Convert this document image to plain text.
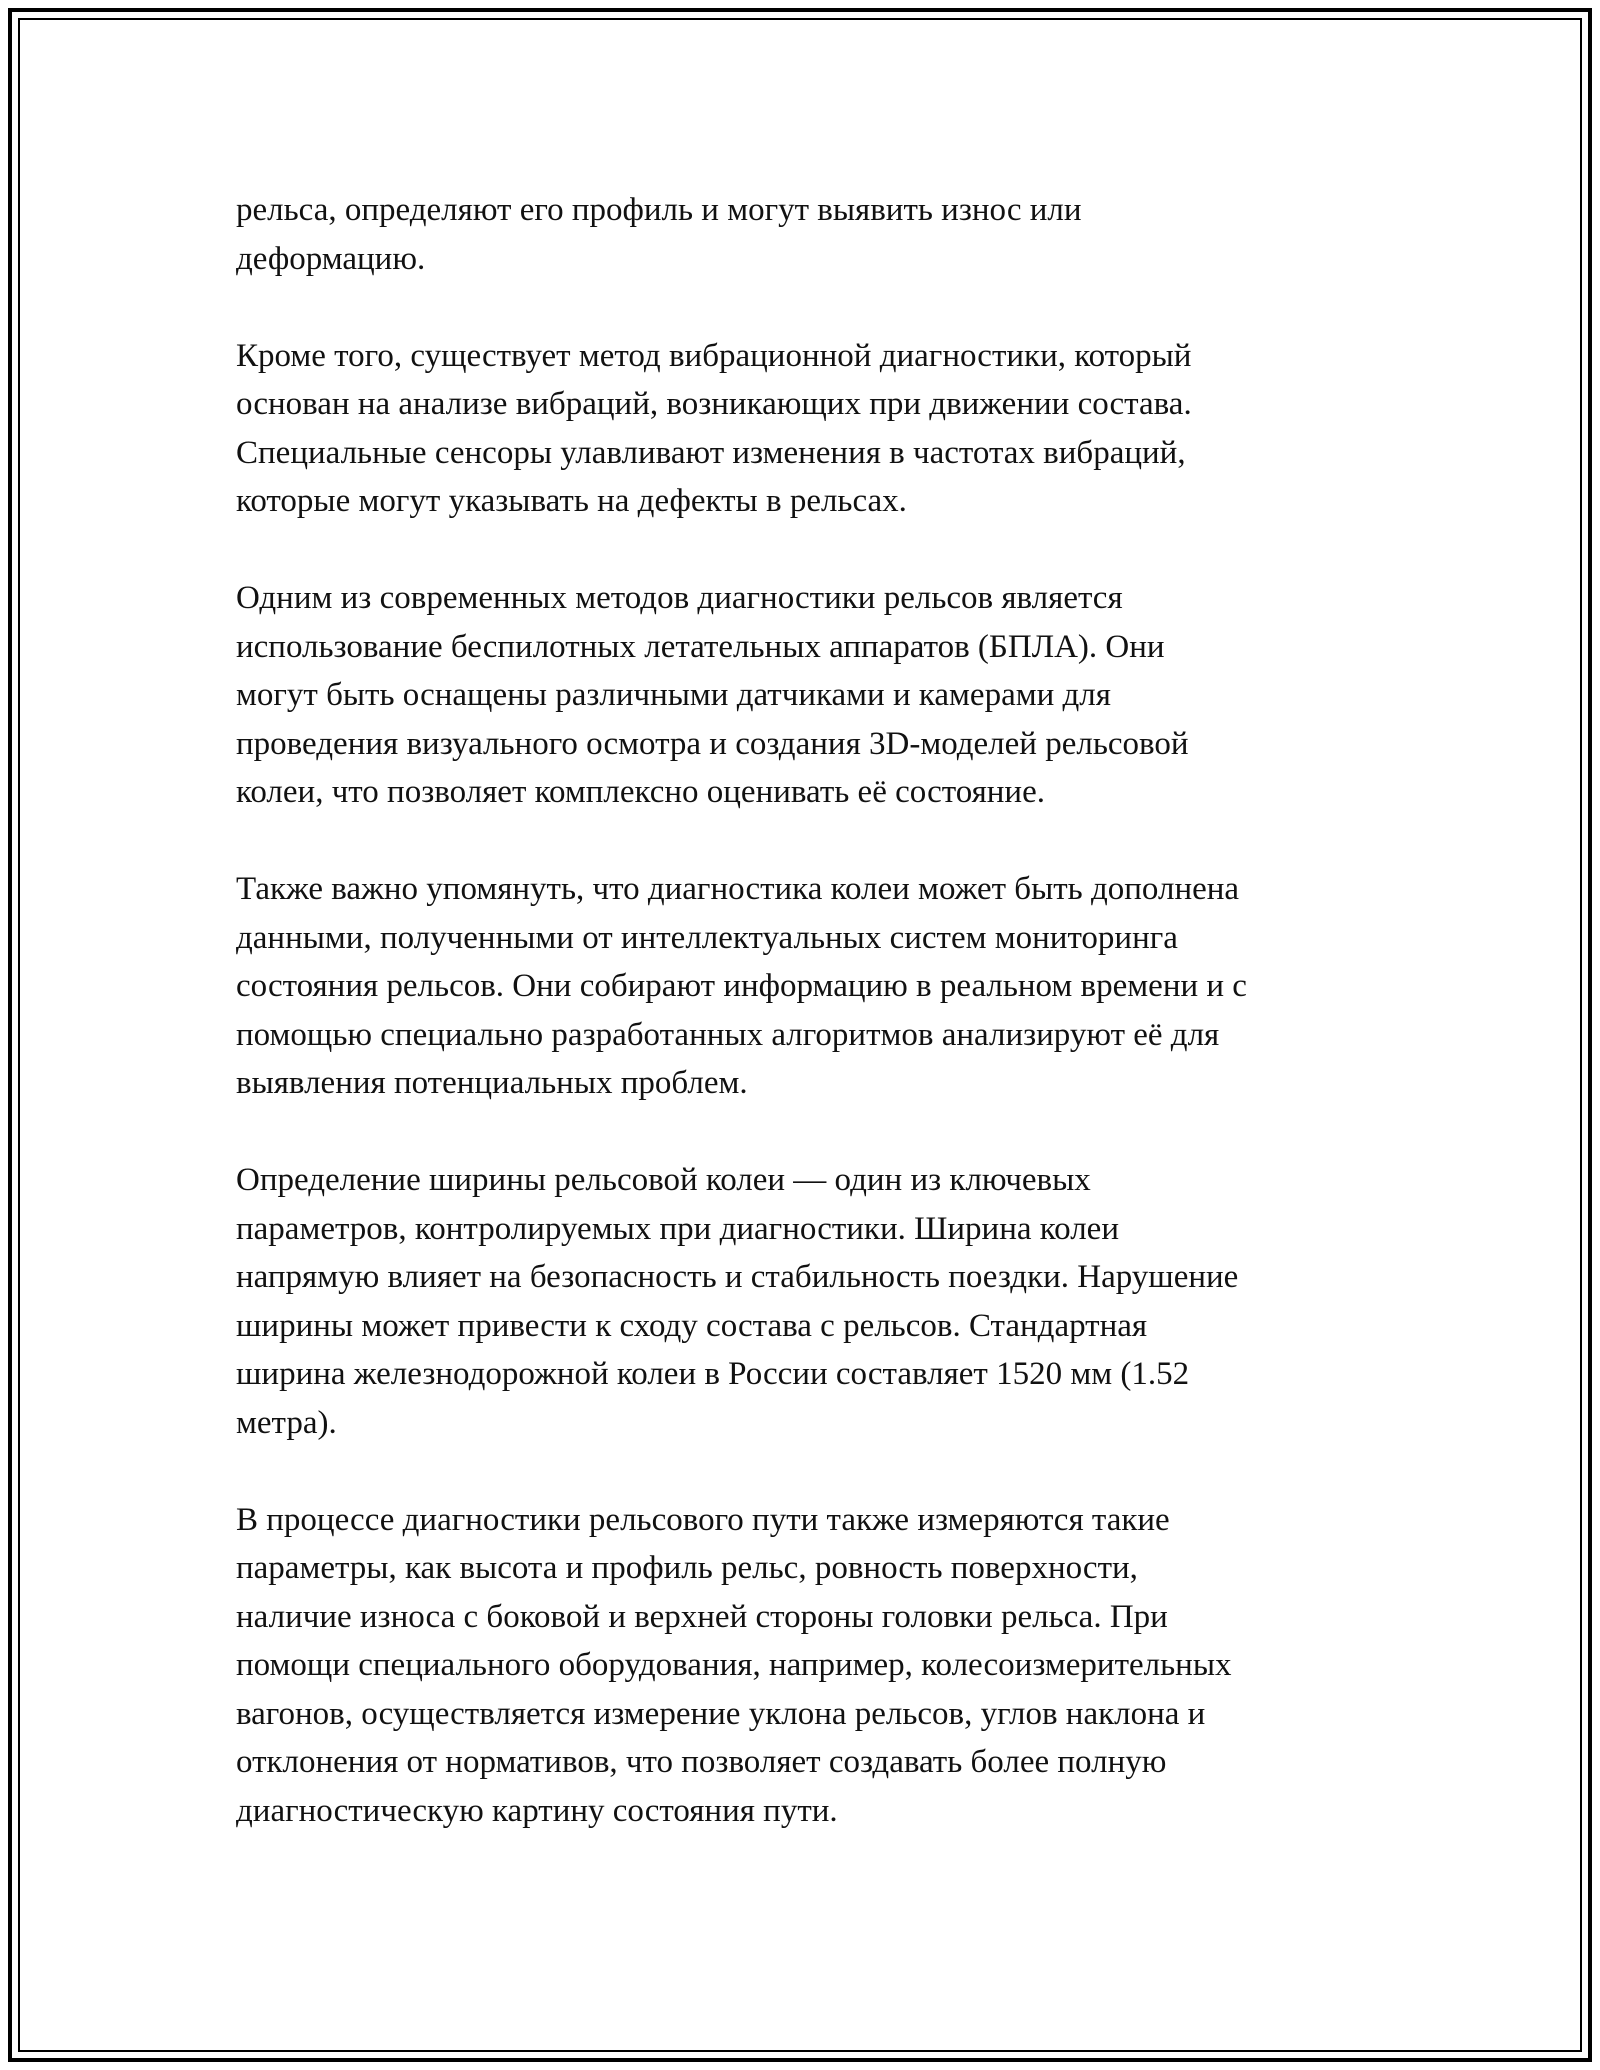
рельса, определяют его профиль и могут выявить износ или
деформацию.

Кроме того, существует метод вибрационной диагностики, который
основан на анализе вибраций, возникающих при движении состава.
Специальные сенсоры улавливают изменения в частотах вибраций,
которые могут указывать на дефекты в рельсах.

Одним из современных методов диагностики рельсов является
использование беспилотных летательных аппаратов (БПЛА). Они
могут быть оснащены различными датчиками и камерами для
проведения визуального осмотра и создания 3D-моделей рельсовой
колеи, что позволяет комплексно оценивать её состояние.

Также важно упомянуть, что диагностика колеи может быть дополнена
данными, полученными от интеллектуальных систем мониторинга
состояния рельсов. Они собирают информацию в реальном времени и с
помощью специально разработанных алгоритмов анализируют её для
выявления потенциальных проблем.

Определение ширины рельсовой колеи — один из ключевых
параметров, контролируемых при диагностики. Ширина колеи
напрямую влияет на безопасность и стабильность поездки. Нарушение
ширины может привести к сходу состава с рельсов. Стандартная
ширина железнодорожной колеи в России составляет 1520 мм (1.52
метра).

В процессе диагностики рельсового пути также измеряются такие
параметры, как высота и профиль рельс, ровность поверхности,
наличие износа с боковой и верхней стороны головки рельса. При
помощи специального оборудования, например, колесоизмерительных
вагонов, осуществляется измерение уклона рельсов, углов наклона и
отклонения от нормативов, что позволяет создавать более полную
диагностическую картину состояния пути.
